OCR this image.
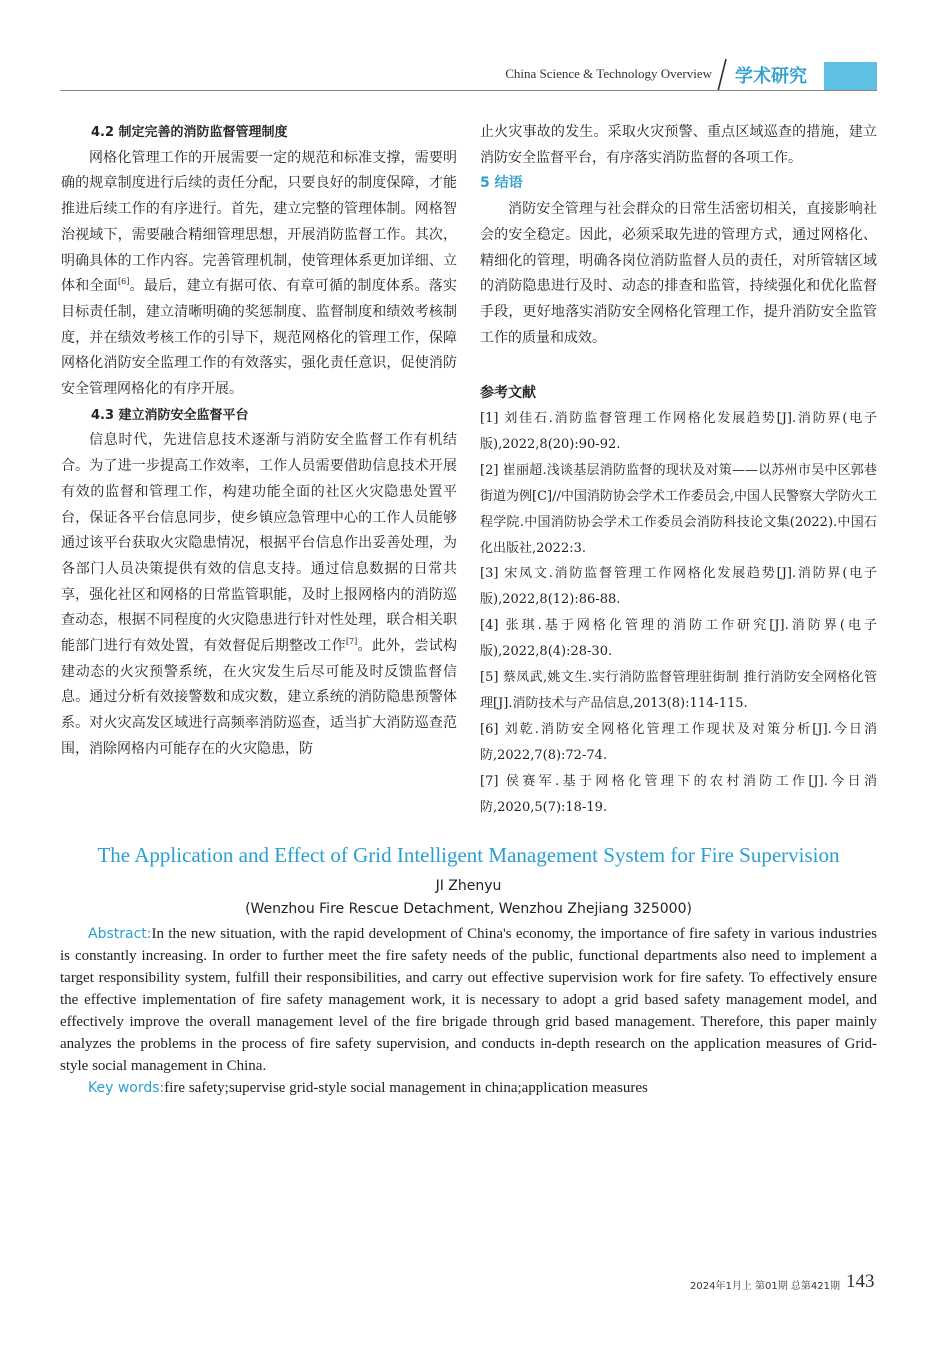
China Science & Technology Overview 学术研究
4.2 制定完善的消防监督管理制度

网格化管理工作的开展需要一定的规范和标准支撑，需要明确的规章制度进行后续的责任分配，只要良好的制度保障，才能推进后续工作的有序进行。首先，建立完整的管理体制。网格智治视域下，需要融合精细管理思想，开展消防监督工作。其次，明确具体的工作内容。完善管理机制，使管理体系更加详细、立体和全面[6]。最后，建立有据可依、有章可循的制度体系。落实目标责任制，建立清晰明确的奖惩制度、监督制度和绩效考核制度，并在绩效考核工作的引导下，规范网格化的管理工作，保障网格化消防安全监理工作的有效落实，强化责任意识，促使消防安全管理网格化的有序开展。

4.3 建立消防安全监督平台

信息时代，先进信息技术逐渐与消防安全监督工作有机结合。为了进一步提高工作效率，工作人员需要借助信息技术开展有效的监督和管理工作，构建功能全面的社区火灾隐患处置平台，保证各平台信息同步，使乡镇应急管理中心的工作人员能够通过该平台获取火灾隐患情况，根据平台信息作出妥善处理，为各部门人员决策提供有效的信息支持。通过信息数据的日常共享，强化社区和网格的日常监管职能，及时上报网格内的消防巡查动态，根据不同程度的火灾隐患进行针对性处理，联合相关职能部门进行有效处置，有效督促后期整改工作[7]。此外，尝试构建动态的火灾预警系统，在火灾发生后尽可能及时反馈监督信息。通过分析有效接警数和成灾数，建立系统的消防隐患预警体系。对火灾高发区域进行高频率消防巡查，适当扩大消防巡查范围，消除网格内可能存在的火灾隐患，防

止火灾事故的发生。采取火灾预警、重点区域巡查的措施，建立消防安全监督平台，有序落实消防监督的各项工作。

5 结语

消防安全管理与社会群众的日常生活密切相关，直接影响社会的安全稳定。因此，必须采取先进的管理方式，通过网格化、精细化的管理，明确各岗位消防监督人员的责任，对所管辖区域的消防隐患进行及时、动态的排查和监管，持续强化和优化监督手段，更好地落实消防安全网格化管理工作，提升消防安全监管工作的质量和成效。

参考文献

[1] 刘佳石.消防监督管理工作网格化发展趋势[J].消防界(电子版),2022,8(20):90-92.

[2] 崔丽超.浅谈基层消防监督的现状及对策——以苏州市吴中区郭巷街道为例[C]//中国消防协会学术工作委员会,中国人民警察大学防火工程学院.中国消防协会学术工作委员会消防科技论文集(2022).中国石化出版社,2022:3.

[3] 宋凤文.消防监督管理工作网格化发展趋势[J].消防界(电子版),2022,8(12):86-88.

[4] 张琪.基于网格化管理的消防工作研究[J].消防界(电子版),2022,8(4):28-30.

[5] 蔡凤武,姚文生.实行消防监督管理驻街制 推行消防安全网格化管理[J].消防技术与产品信息,2013(8):114-115.

[6] 刘乾.消防安全网格化管理工作现状及对策分析[J].今日消防,2022,7(8):72-74.

[7] 侯赛军.基于网格化管理下的农村消防工作[J].今日消防,2020,5(7):18-19.

The Application and Effect of Grid Intelligent Management System for Fire Supervision
JI Zhenyu
(Wenzhou Fire Rescue Detachment, Wenzhou Zhejiang 325000)

Abstract:In the new situation, with the rapid development of China's economy, the importance of fire safety in various industries is constantly increasing. In order to further meet the fire safety needs of the public, functional departments also need to implement a target responsibility system, fulfill their responsibilities, and carry out effective supervision work for fire safety. To effectively ensure the effective implementation of fire safety management work, it is necessary to adopt a grid based safety management model, and effectively improve the overall management level of the fire brigade through grid based management. Therefore, this paper mainly analyzes the problems in the process of fire safety supervision, and conducts in-depth research on the application measures of Grid-style social management in China.

Key words:fire safety;supervise grid-style social management in china;application measures

2024年1月上 第01期 总第421期 143
